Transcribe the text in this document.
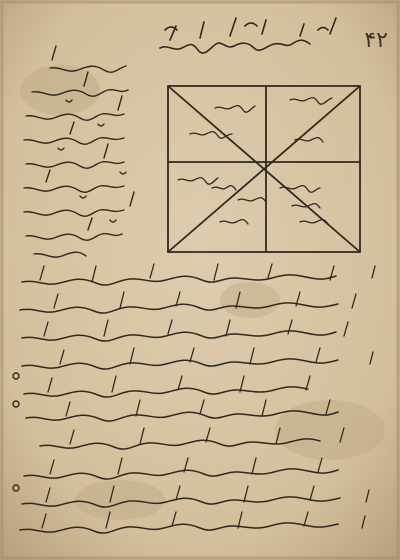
۴۲
